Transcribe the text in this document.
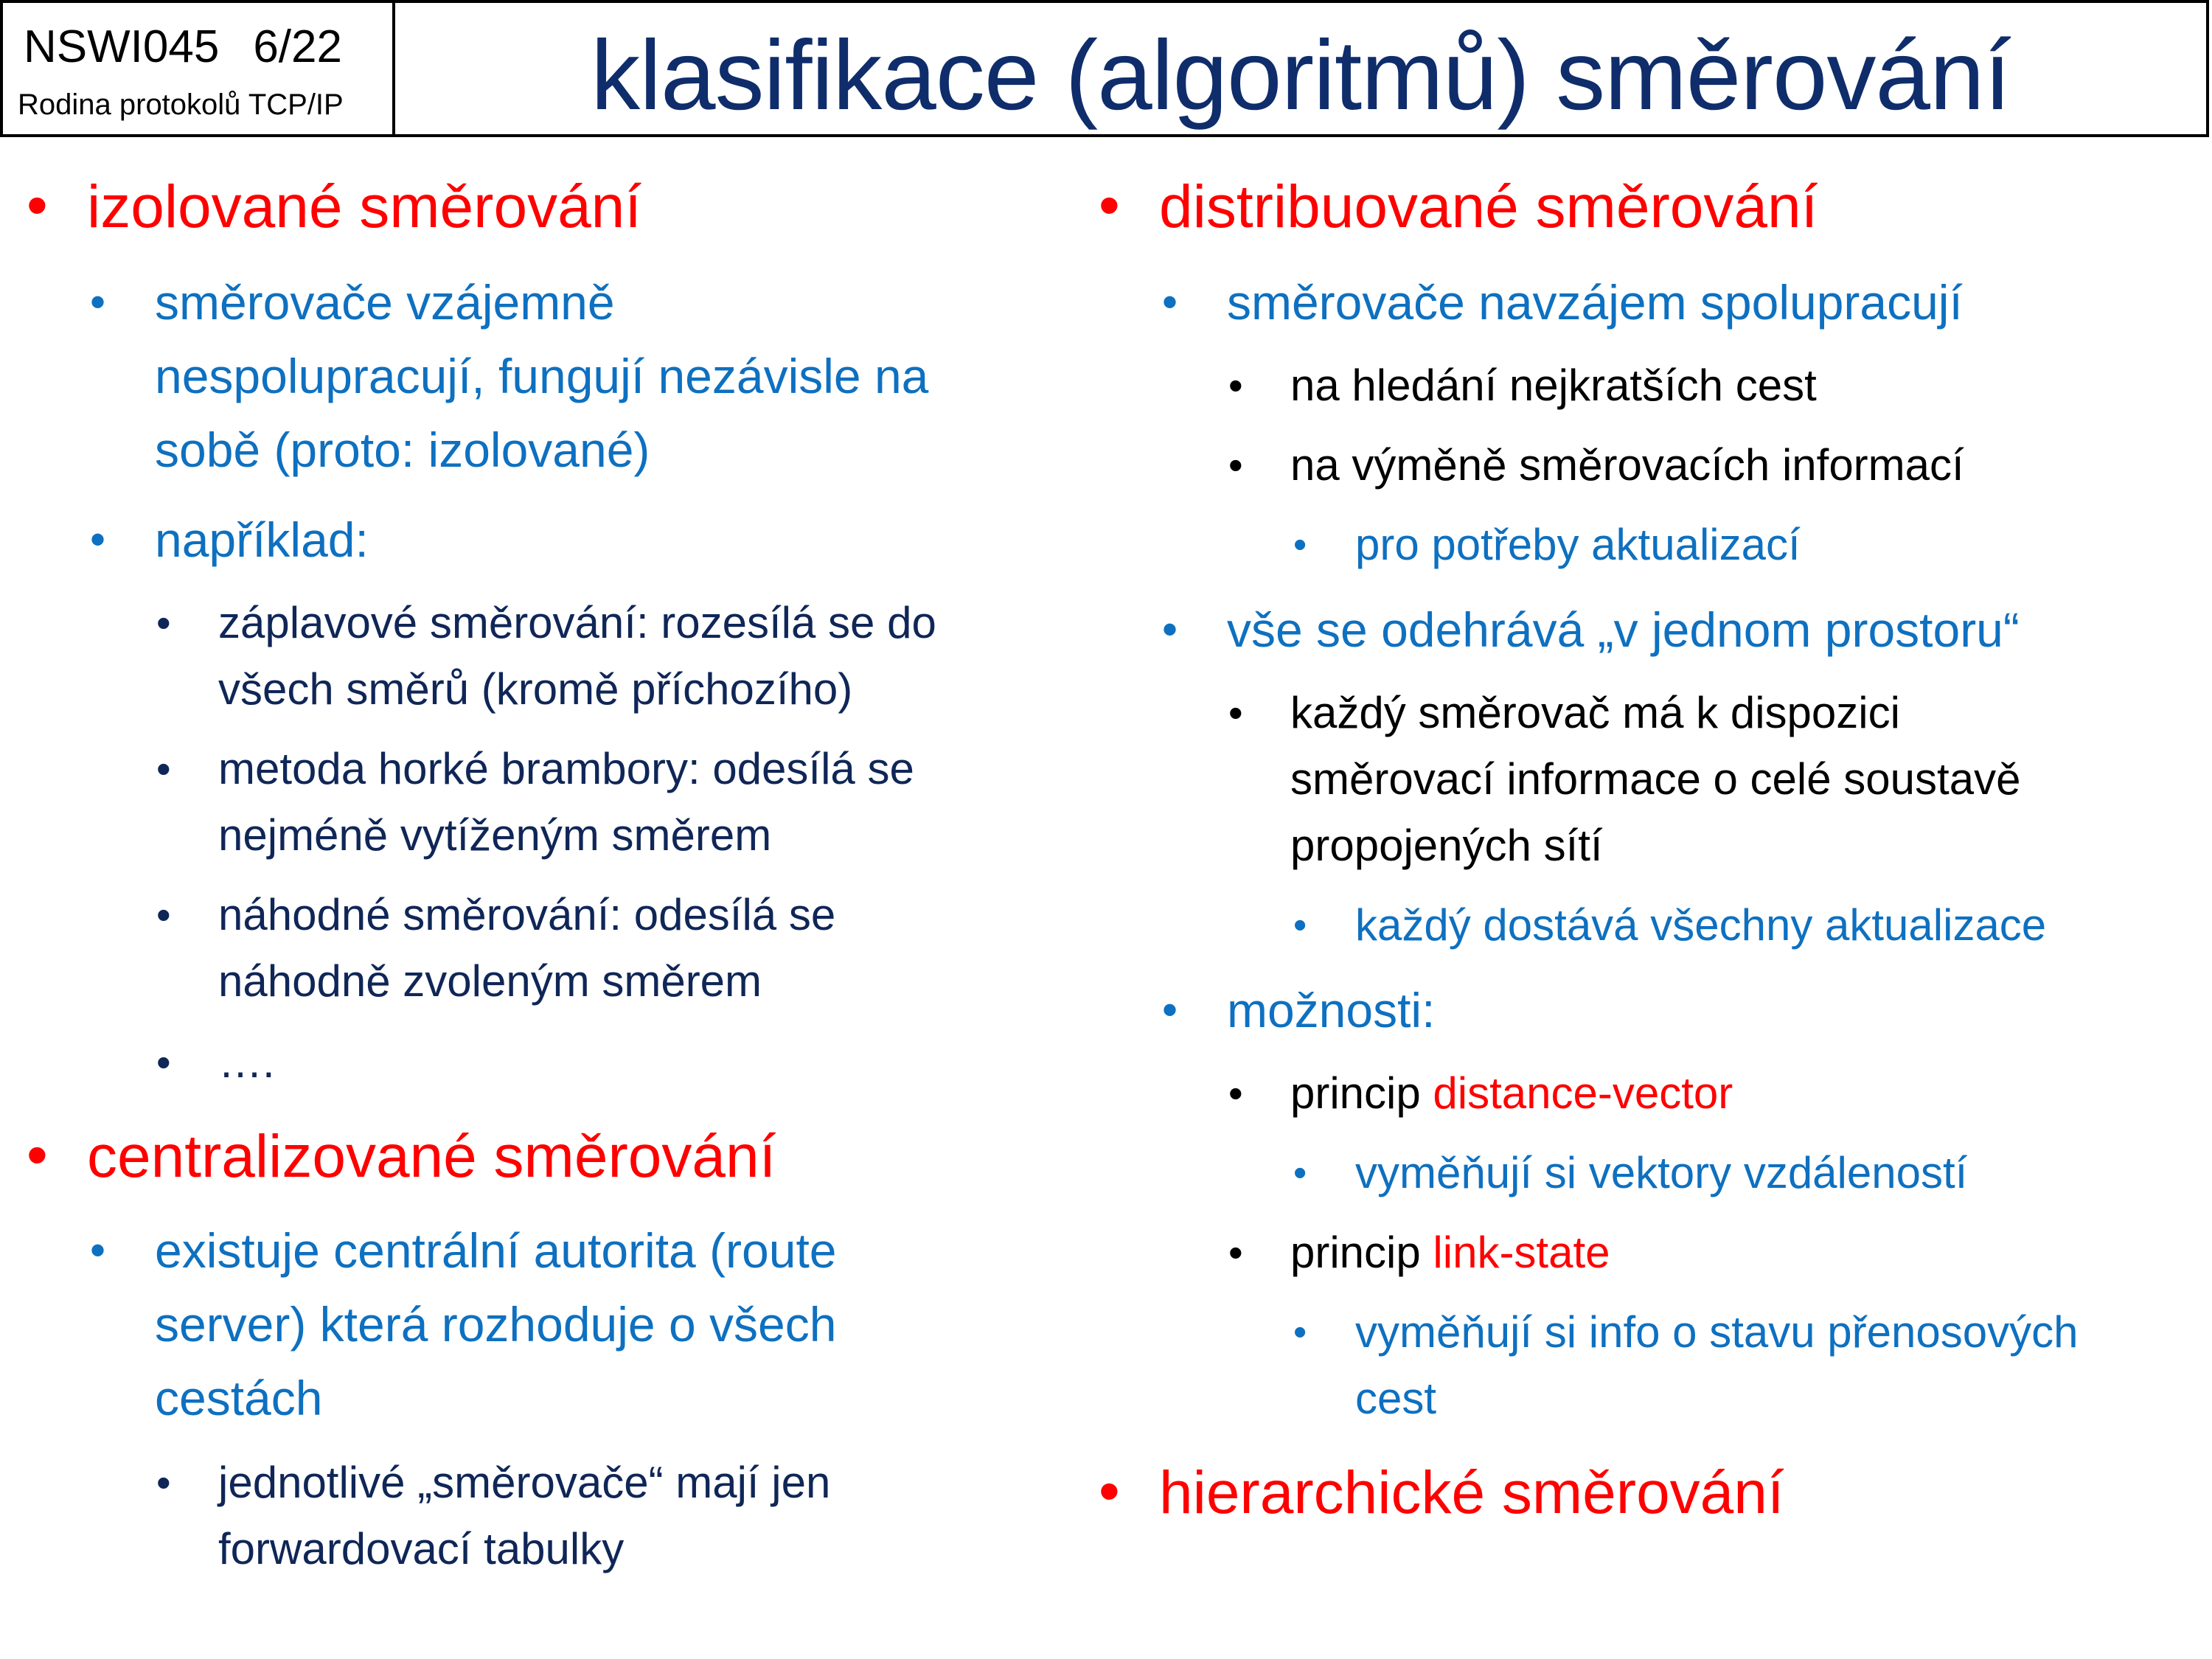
NSWI045 6/22
Rodina protokolů TCP/IP	klasifikace (algoritmů) směrování
• izolované směrování
• směrovače vzájemně
nespolupracují, fungují nezávisle na
sobě (proto: izolované)
• například:
• záplavové směrování: rozesílá se do
všech směrů (kromě příchozího)
• metoda horké brambory: odesílá se
nejméně vytíženým směrem
• náhodné směrování: odesílá se
náhodně zvoleným směrem
• ….
• centralizované směrování
• existuje centrální autorita (route
server) která rozhoduje o všech
cestách
• jednotlivé „směrovače“ mají jen
forwardovací tabulky
• distribuované směrování
• směrovače navzájem spolupracují
• na hledání nejkratších cest
• na výměně směrovacích informací
• pro potřeby aktualizací
• vše se odehrává „v jednom prostoru“
• každý směrovač má k dispozici
směrovací informace o celé soustavě
propojených sítí
• každý dostává všechny aktualizace
• možnosti:
• princip distance-vector
• vyměňují si vektory vzdáleností
• princip link-state
• vyměňují si info o stavu přenosových
cest
• hierarchické směrování
